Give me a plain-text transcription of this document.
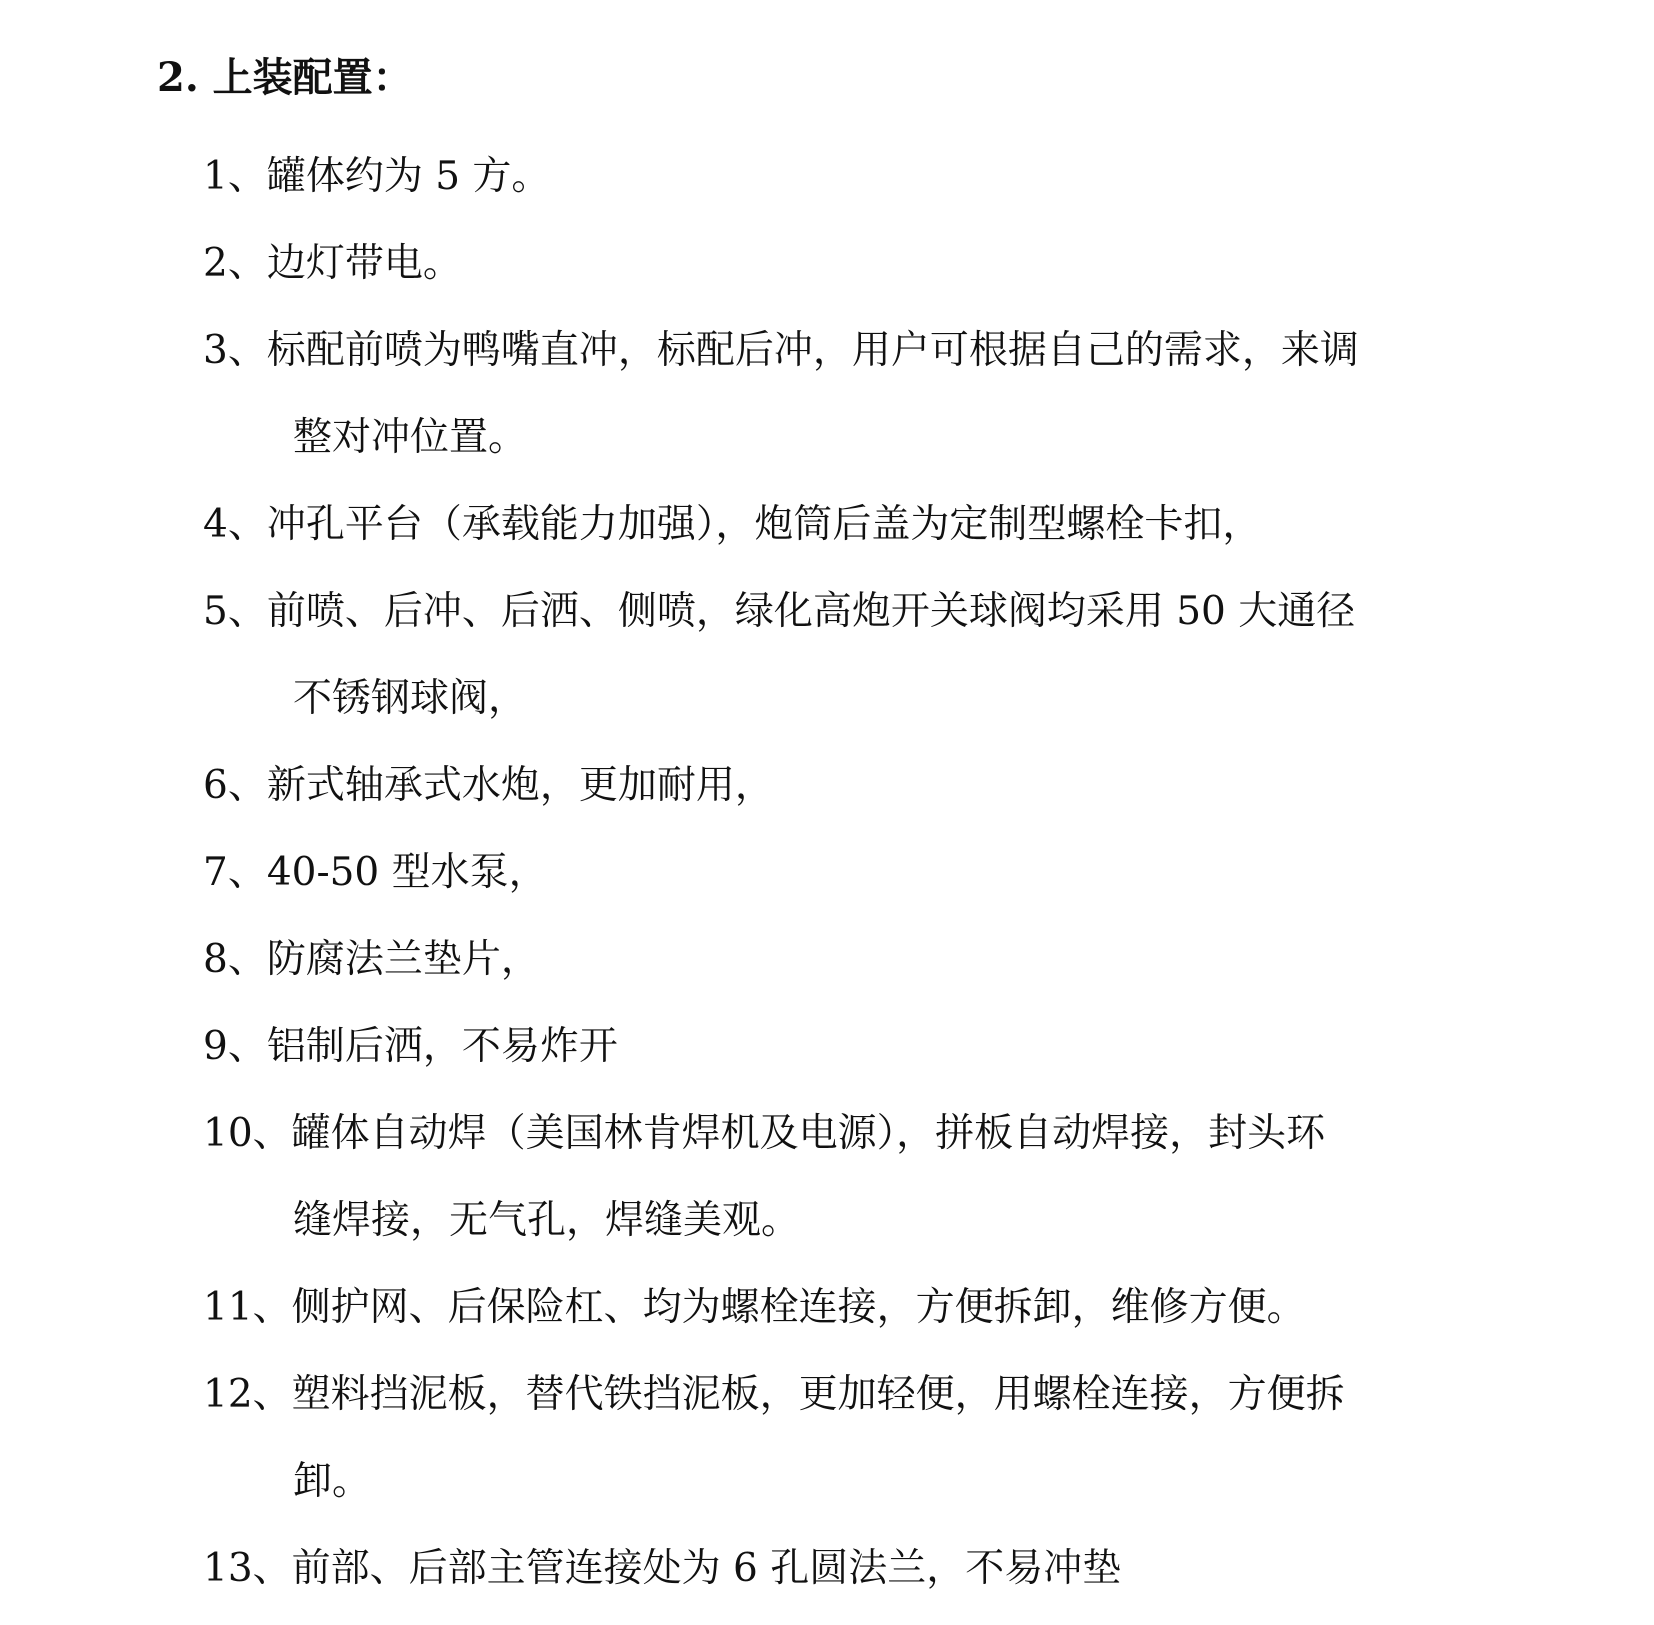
2. 上装配置：
1、罐体约为 5 方。
2、边灯带电。
3、标配前喷为鸭嘴直冲，标配后冲，用户可根据自己的需求，来调
整对冲位置。
4、冲孔平台（承载能力加强），炮筒后盖为定制型螺栓卡扣，
5、前喷、后冲、后洒、侧喷，绿化高炮开关球阀均采用 50 大通径
不锈钢球阀，
6、新式轴承式水炮，更加耐用，
7、40-50 型水泵，
8、防腐法兰垫片，
9、铝制后洒，不易炸开
10、罐体自动焊（美国林肯焊机及电源），拼板自动焊接，封头环
缝焊接，无气孔，焊缝美观。
11、侧护网、后保险杠、均为螺栓连接，方便拆卸，维修方便。
12、塑料挡泥板，替代铁挡泥板，更加轻便，用螺栓连接，方便拆
卸。
13、前部、后部主管连接处为 6 孔圆法兰，不易冲垫
